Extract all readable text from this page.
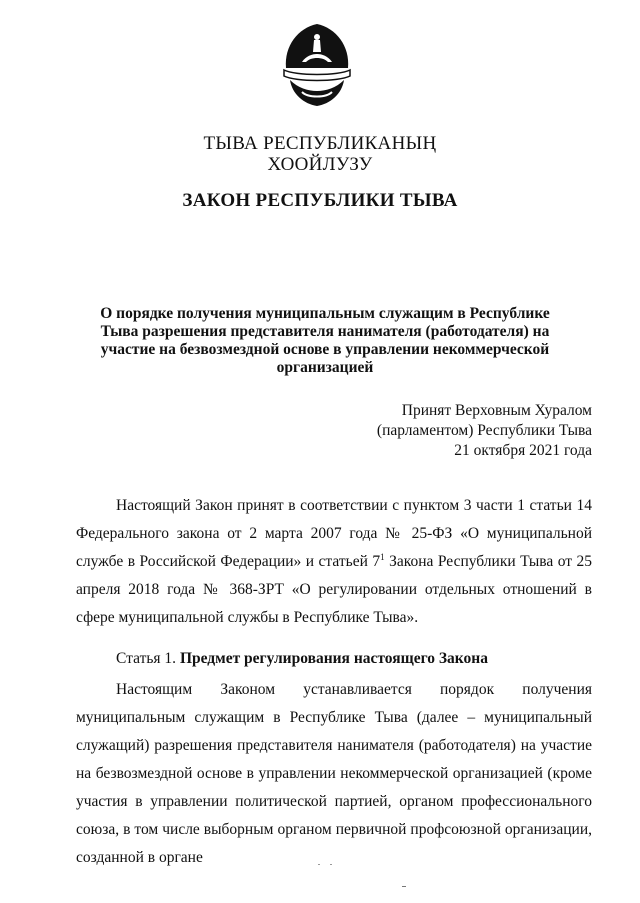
ТЫВА РЕСПУБЛИКАНЫҢ
ХООЙЛУЗУ
ЗАКОН РЕСПУБЛИКИ ТЫВА
О порядке получения муниципальным служащим в Республике
Тыва разрешения представителя нанимателя (работодателя) на
участие на безвозмездной основе в управлении некоммерческой
организацией
Принят Верховным Хуралом
(парламентом) Республики Тыва
21 октября 2021 года
Настоящий Закон принят в соответствии с пунктом 3 части 1 статьи 14 Федерального закона от 2 марта 2007 года № 25-ФЗ «О муниципальной службе в Российской Федерации» и статьей $7^1$ Закона Республики Тыва от 25 апреля 2018 года № 368-ЗРТ «О регулировании отдельных отношений в сфере муниципальной службы в Республике Тыва».
Статья 1. Предмет регулирования настоящего Закона
Настоящим Законом устанавливается порядок получения муниципальным служащим в Республике Тыва (далее – муниципальный служащий) разрешения представителя нанимателя (работодателя) на участие на безвозмездной основе в управлении некоммерческой организацией (кроме участия в управлении политической партией, органом профессионального союза, в том числе выборным органом первичной профсоюзной организации, созданной в органе
